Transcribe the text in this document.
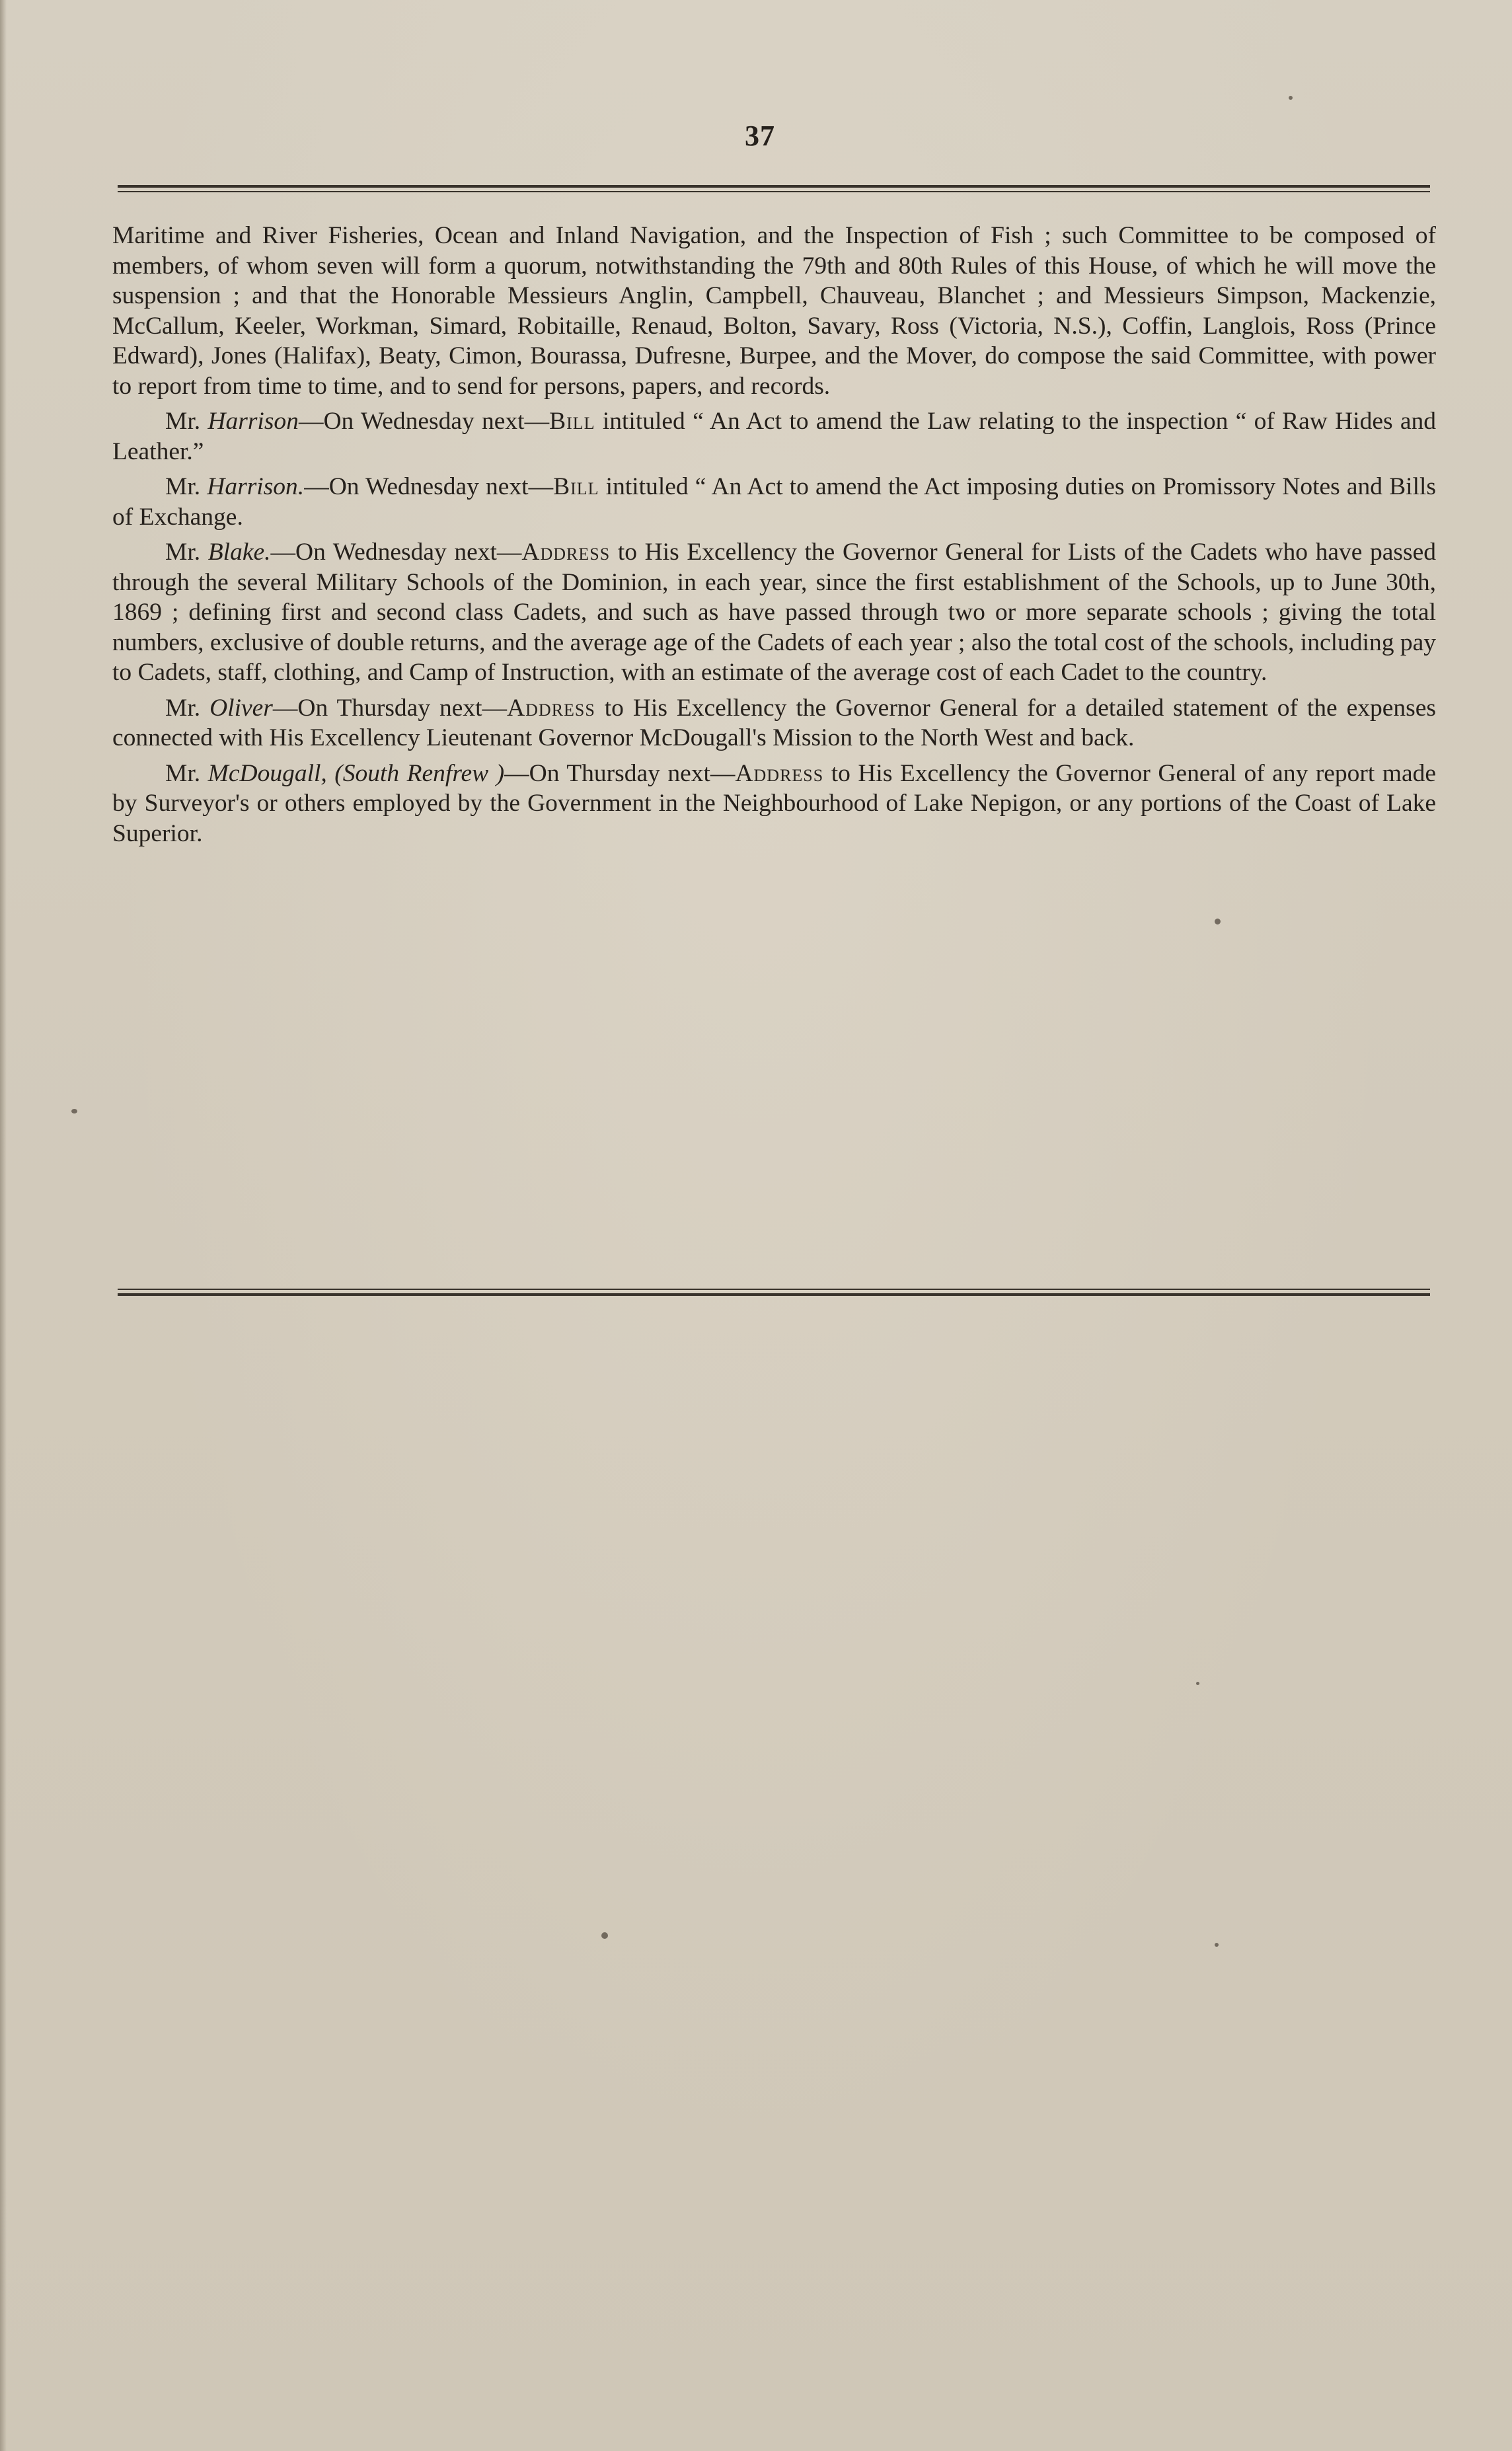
37

Maritime and River Fisheries, Ocean and Inland Navigation, and the Inspection of Fish ; such Committee to be composed of members, of whom seven will form a quorum, notwithstanding the 79th and 80th Rules of this House, of which he will move the suspension ; and that the Honorable Messieurs Anglin, Campbell, Chauveau, Blanchet ; and Messieurs Simpson, Mackenzie, McCallum, Keeler, Workman, Simard, Robitaille, Renaud, Bolton, Savary, Ross (Victoria, N.S.), Coffin, Langlois, Ross (Prince Edward), Jones (Halifax), Beaty, Cimon, Bourassa, Dufresne, Burpee, and the Mover, do compose the said Committee, with power to report from time to time, and to send for persons, papers, and records.

Mr. Harrison—On Wednesday next—Bill intituled “ An Act to amend the Law relating to the inspection “ of Raw Hides and Leather.”

Mr. Harrison.—On Wednesday next—Bill intituled “ An Act to amend the Act imposing duties on Promissory Notes and Bills of Exchange.

Mr. Blake.—On Wednesday next—Address to His Excellency the Governor General for Lists of the Cadets who have passed through the several Military Schools of the Dominion, in each year, since the first establishment of the Schools, up to June 30th, 1869 ; defining first and second class Cadets, and such as have passed through two or more separate schools ; giving the total numbers, exclusive of double returns, and the average age of the Cadets of each year ; also the total cost of the schools, including pay to Cadets, staff, clothing, and Camp of Instruction, with an estimate of the average cost of each Cadet to the country.

Mr. Oliver—On Thursday next—Address to His Excellency the Governor General for a detailed statement of the expenses connected with His Excellency Lieutenant Governor McDougall's Mission to the North West and back.

Mr. McDougall, (South Renfrew )—On Thursday next—Address to His Excellency the Governor General of any report made by Surveyor's or others employed by the Government in the Neighbourhood of Lake Nepigon, or any portions of the Coast of Lake Superior.
